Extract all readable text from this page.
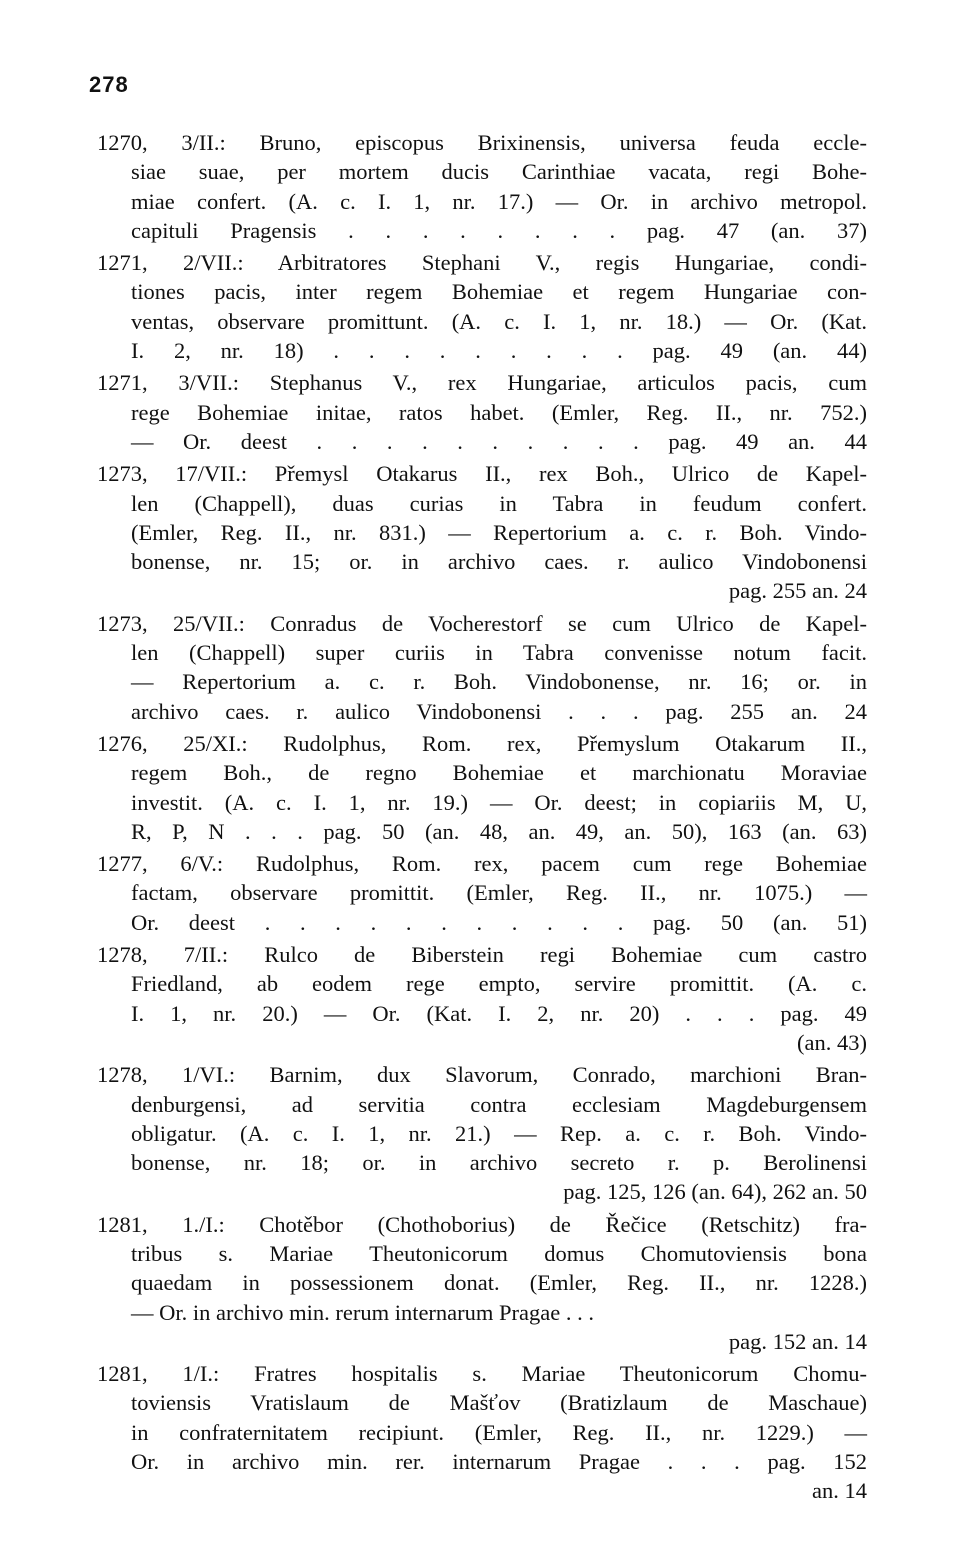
278
1270, 3/II.: Bruno, episcopus Brixinensis, universa feuda eccle-
siae suae, per mortem ducis Carinthiae vacata, regi Bohe-
miae confert. (A. c. I. 1, nr. 17.) — Or. in archivo metropol.
capituli Pragensis . . . . . . . . pag. 47 (an. 37)
1271, 2/VII.: Arbitratores Stephani V., regis Hungariae, condi-
tiones pacis, inter regem Bohemiae et regem Hungariae con-
ventas, observare promittunt. (A. c. I. 1, nr. 18.) — Or. (Kat.
I. 2, nr. 18) . . . . . . . . . pag. 49 (an. 44)
1271, 3/VII.: Stephanus V., rex Hungariae, articulos pacis, cum
rege Bohemiae initae, ratos habet. (Emler, Reg. II., nr. 752.)
— Or. deest . . . . . . . . . . pag. 49 an. 44
1273, 17/VII.: Přemysl Otakarus II., rex Boh., Ulrico de Kapel-
len (Chappell), duas curias in Tabra in feudum confert.
(Emler, Reg. II., nr. 831.) — Repertorium a. c. r. Boh. Vindo-
bonense, nr. 15; or. in archivo caes. r. aulico Vindobonensi
pag. 255 an. 24
1273, 25/VII.: Conradus de Vocherestorf se cum Ulrico de Kapel-
len (Chappell) super curiis in Tabra convenisse notum facit.
— Repertorium a. c. r. Boh. Vindobonense, nr. 16; or. in
archivo caes. r. aulico Vindobonensi . . . pag. 255 an. 24
1276, 25/XI.: Rudolphus, Rom. rex, Přemyslum Otakarum II.,
regem Boh., de regno Bohemiae et marchionatu Moraviae
investit. (A. c. I. 1, nr. 19.) — Or. deest; in copiariis M, U,
R, P, N . . . pag. 50 (an. 48, an. 49, an. 50), 163 (an. 63)
1277, 6/V.: Rudolphus, Rom. rex, pacem cum rege Bohemiae
factam, observare promittit. (Emler, Reg. II., nr. 1075.) —
Or. deest . . . . . . . . . . . pag. 50 (an. 51)
1278, 7/II.: Rulco de Biberstein regi Bohemiae cum castro
Friedland, ab eodem rege empto, servire promittit. (A. c.
I. 1, nr. 20.) — Or. (Kat. I. 2, nr. 20) . . . pag. 49
(an. 43)
1278, 1/VI.: Barnim, dux Slavorum, Conrado, marchioni Bran-
denburgensi, ad servitia contra ecclesiam Magdeburgensem
obligatur. (A. c. I. 1, nr. 21.) — Rep. a. c. r. Boh. Vindo-
bonense, nr. 18; or. in archivo secreto r. p. Berolinensi
pag. 125, 126 (an. 64), 262 an. 50
1281, 1./I.: Chotěbor (Chothoborius) de Řečice (Retschitz) fra-
tribus s. Mariae Theutonicorum domus Chomutoviensis bona
quaedam in possessionem donat. (Emler, Reg. II., nr. 1228.)
— Or. in archivo min. rerum internarum Pragae . . .
pag. 152 an. 14
1281, 1/I.: Fratres hospitalis s. Mariae Theutonicorum Chomu-
toviensis Vratislaum de Mašťov (Bratizlaum de Maschaue)
in confraternitatem recipiunt. (Emler, Reg. II., nr. 1229.) —
Or. in archivo min. rer. internarum Pragae . . . pag. 152
an. 14
